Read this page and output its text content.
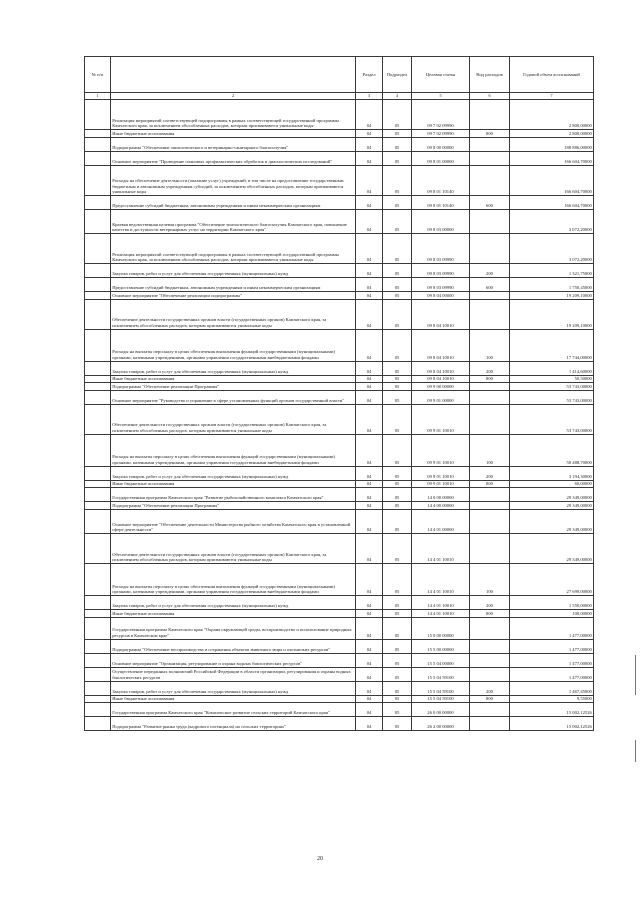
№ п/п		Раздел	Подраздел	Целевая статья	Вид расходов	Годовой объем ассигнований
1	2	3	4	5	6	7
	Реализация мероприятий соответствующей подпрограммы в рамках соответствующей государственной программы Камчатского края, за исключением обособленных расходов, которым присваиваются уникальные коды	04	05	09 7 02 09990		2 800,00000
	Иные бюджетные ассигнования	04	05	09 7 02 09990	800	2 800,00000
	Подпрограмма "Обеспечение эпизоотического и ветеринарно-санитарного благополучия"	04	05	09 8 00 00000		188 886,00000
	Основное мероприятие "Проведение плановых профилактических обработок и диагностических исследований"	04	05	09 8 01 00000		166 604,70000
	Расходы на обеспечение деятельности (оказание услуг) учреждений, в том числе на предоставление государственным бюджетным и автономным учреждениям субсидий, за исключением обособленных расходов, которым присваиваются уникальные коды	04	05	09 8 01 10140		166 604,70000
	Предоставление субсидий бюджетным, автономным учреждениям и иным некоммерческим организациям	04	05	09 8 01 10140	600	166 604,70000
	Краевая ведомственная целевая программа "Обеспечение эпизоотического благополучия Камчатского края, повышение качества и доступности ветеринарных услуг на территории Камчатского края"	04	05	09 8 03 00000		3 072,20000
	Реализация мероприятий соответствующей подпрограммы в рамках соответствующей государственной программы Камчатского края, за исключением обособленных расходов, которым присваиваются уникальные коды	04	05	09 8 03 09990		3 072,20000
	Закупка товаров, работ и услуг для обеспечения государственных (муниципальных) нужд	04	05	09 8 03 09990	200	1 321,75000
	Предоставление субсидий бюджетным, автономным учреждениям и иным некоммерческим организациям	04	05	09 8 03 09990	600	1 750,45000
	Основное мероприятие "Обеспечение реализации подпрограммы"	04	05	09 8 04 00000		19 209,10000
	Обеспечение деятельности государственных органов власти (государственных органов) Камчатского края, за исключением обособленных расходов, которым присваиваются уникальные коды	04	05	09 8 04 10010		19 209,10000
	Расходы на выплаты персоналу в целях обеспечения выполнения функций государственными (муниципальными) органами, казенными учреждениями, органами управления государственными внебюджетными фондами	04	05	09 8 04 10010	100	17 744,00000
	Закупка товаров, работ и услуг для обеспечения государственных (муниципальных) нужд	04	05	09 8 04 10010	200	1 414,60000
	Иные бюджетные ассигнования	04	05	09 8 04 10010	800	50,50000
	Подпрограмма "Обеспечение реализации Программы"	04	05	09 9 00 00000		53 743,00000
	Основное мероприятие "Руководство и управление в сфере установленных функций органов государственной власти"	04	05	09 9 01 00000		53 743,00000
	Обеспечение деятельности государственных органов власти (государственных органов) Камчатского края, за исключением обособленных расходов, которым присваиваются уникальные коды	04	05	09 9 01 10010		53 743,00000
	Расходы на выплаты персоналу в целях обеспечения выполнения функций государственными (муниципальными) органами, казенными учреждениями, органами управления государственными внебюджетными фондами	04	05	09 9 01 10010	100	50 488,70000
	Закупка товаров, работ и услуг для обеспечения государственных (муниципальных) нужд	04	05	09 9 01 10010	200	3 194,30000
	Иные бюджетные ассигнования	04	05	09 9 01 10010	800	60,00000
	Государственная программа Камчатского края "Развитие рыбохозяйственного комплекса Камчатского края"	04	05	14 0 00 00000		29 349,00000
	Подпрограмма "Обеспечение реализации Программы"	04	05	14 4 00 00000		29 349,00000
	Основное мероприятие "Обеспечение деятельности Министерства рыбного хозяйства Камчатского края в установленной сфере деятельности"	04	05	14 4 01 00000		29 349,00000
	Обеспечение деятельности государственных органов власти (государственных органов) Камчатского края, за исключением обособленных расходов, которым присваиваются уникальные коды	04	05	14 4 01 10010		29 349,00000
	Расходы на выплаты персоналу в целях обеспечения выполнения функций государственными (муниципальными) органами, казенными учреждениями, органами управления государственными внебюджетными фондами	04	05	14 4 01 10010	100	27 699,00000
	Закупка товаров, работ и услуг для обеспечения государственных (муниципальных) нужд	04	05	14 4 01 10010	200	1 550,00000
	Иные бюджетные ассигнования	04	05	14 4 01 10010	800	100,00000
	Государственная программа Камчатского края "Охрана окружающей среды, воспроизводство и использование природных ресурсов в Камчатском крае"	04	05	15 0 00 00000		1 477,00000
	Подпрограмма "Обеспечение воспроизводства и сохранения объектов животного мира и охотничьих ресурсов"	04	05	15 5 00 00000		1 477,00000
	Основное мероприятие "Организация, регулирование и охрана водных биологических ресурсов"	04	05	15 5 04 00000		1 477,00000
	Осуществление переданных полномочий Российской Федерации в области организации, регулирования и охраны водных биологических ресурсов	04	05	15 5 04 59100		1 477,00000
	Закупка товаров, работ и услуг для обеспечения государственных (муниципальных) нужд	04	05	15 5 04 59100	200	1 467,45000
	Иные бюджетные ассигнования	04	05	15 5 04 59100	800	9,55000
	Государственная программа Камчатского края "Комплексное развитие сельских территорий Камчатского края"	04	05	26 0 00 00000		15 002,12526
	Подпрограмма "Развитие рынка труда (кадрового потенциала) на сельских территориях"	04	05	26 2 00 00000		15 002,12526
20
